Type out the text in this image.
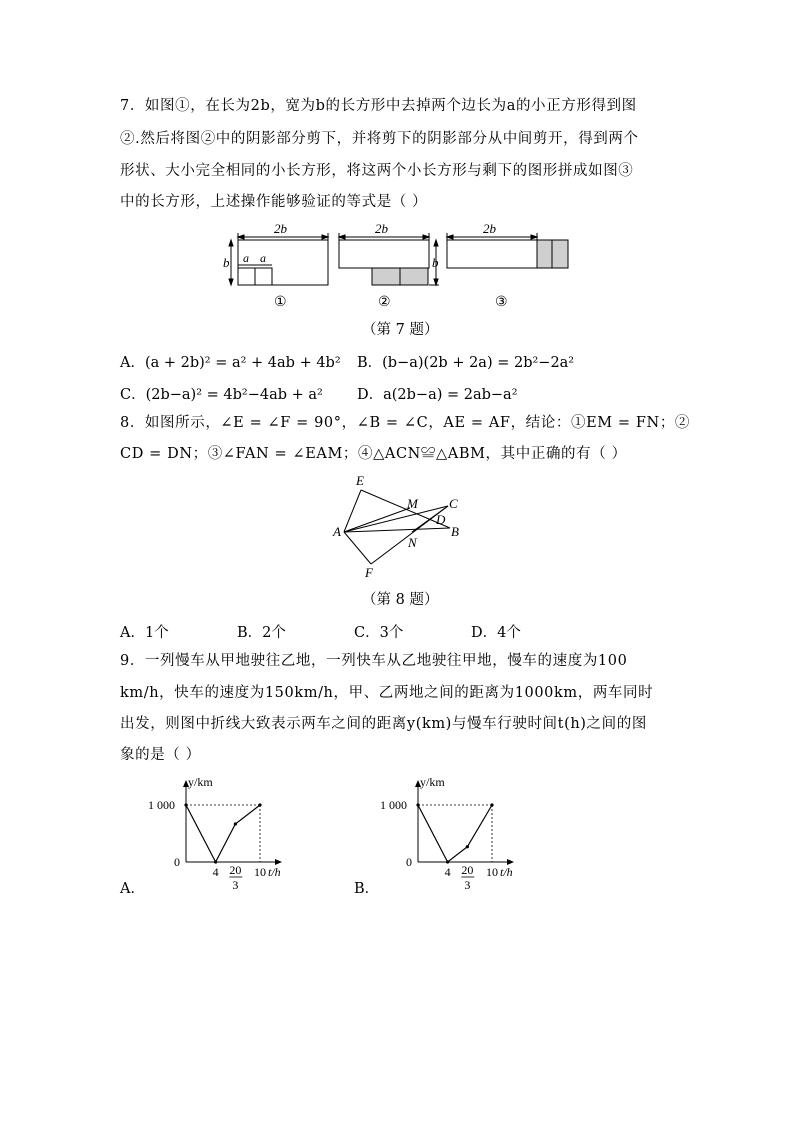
7．如图①，在长为2b，宽为b的长方形中去掉两个边长为a的小正方形得到图
②.然后将图②中的阴影部分剪下，并将剪下的阴影部分从中间剪开，得到两个
形状、大小完全相同的小长方形，将这两个小长方形与剩下的图形拼成如图③
中的长方形，上述操作能够验证的等式是（ ）
2b
b a a
①
2b
b
②
2b
③
（第 7 题）
A．(a + 2b)² = a² + 4ab + 4b² B．(b−a)(2b + 2a) = 2b²−2a²
C．(2b−a)² = 4b²−4ab + a² D．a(2b−a) = 2ab−a²
8．如图所示，∠E = ∠F = 90°，∠B = ∠C，AE = AF，结论：①EM = FN；②
CD = DN；③∠FAN = ∠EAM；④△ACN≌△ABM，其中正确的有（ ）
E
M C
D
A	B
N
F
（第 8 题）
A．1个	B．2个	C．3个	D．4个
9．一列慢车从甲地驶往乙地，一列快车从乙地驶往甲地，慢车的速度为100
km/h，快车的速度为150km/h，甲、乙两地之间的距离为1000km，两车同时
出发，则图中折线大致表示两车之间的距离y(km)与慢车行驶时间t(h)之间的图
象的是（ ）
y/km
t/h
1 000
0
4 20
3
10
y/km
t/h
1 000
0
4 20
3
10
A．	B．
